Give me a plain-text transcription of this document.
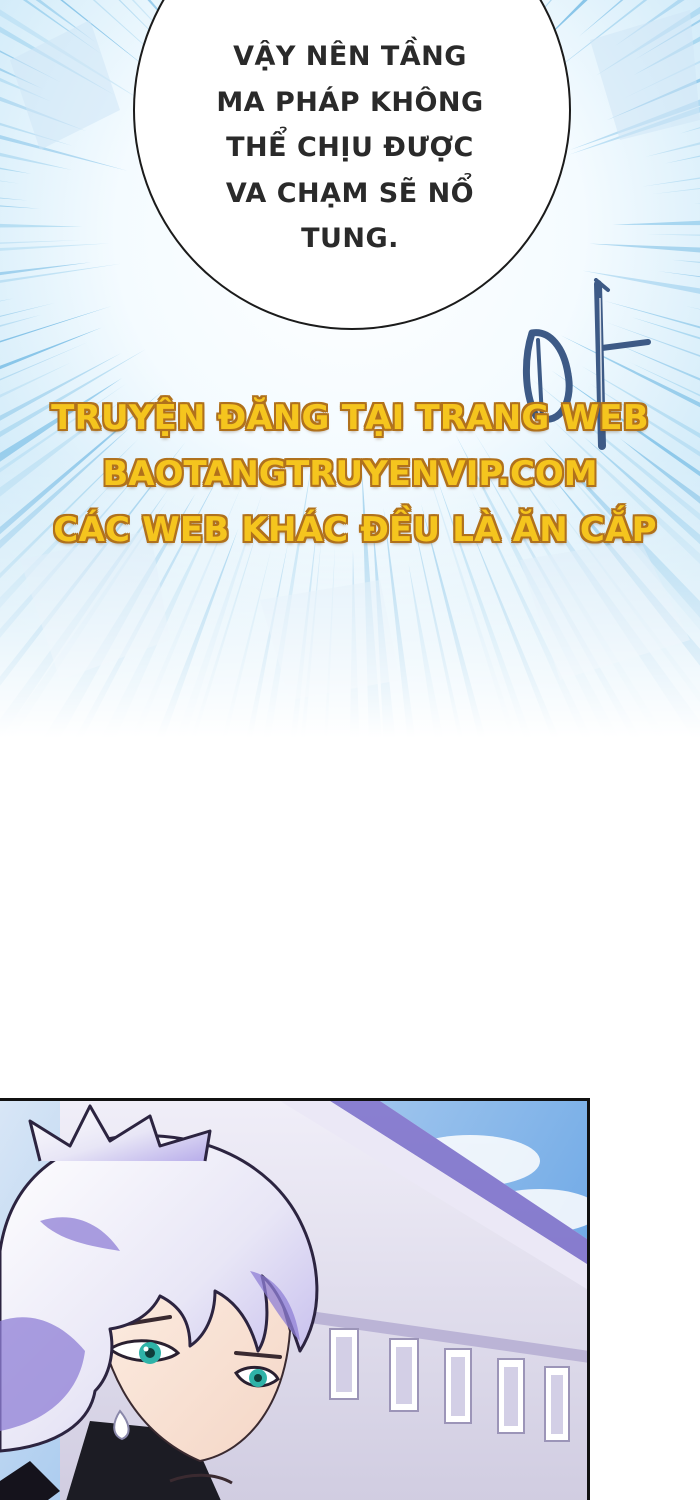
VẬY NÊN TẦNG
MA PHÁP KHÔNG
THỂ CHỊU ĐƯỢC
VA CHẠM SẼ NỔ
TUNG.
TRUYỆN ĐĂNG TẠI TRANG WEB
BAOTANGTRUYENVIP.COM
CÁC WEB KHÁC ĐỀU LÀ ĂN CẮP
